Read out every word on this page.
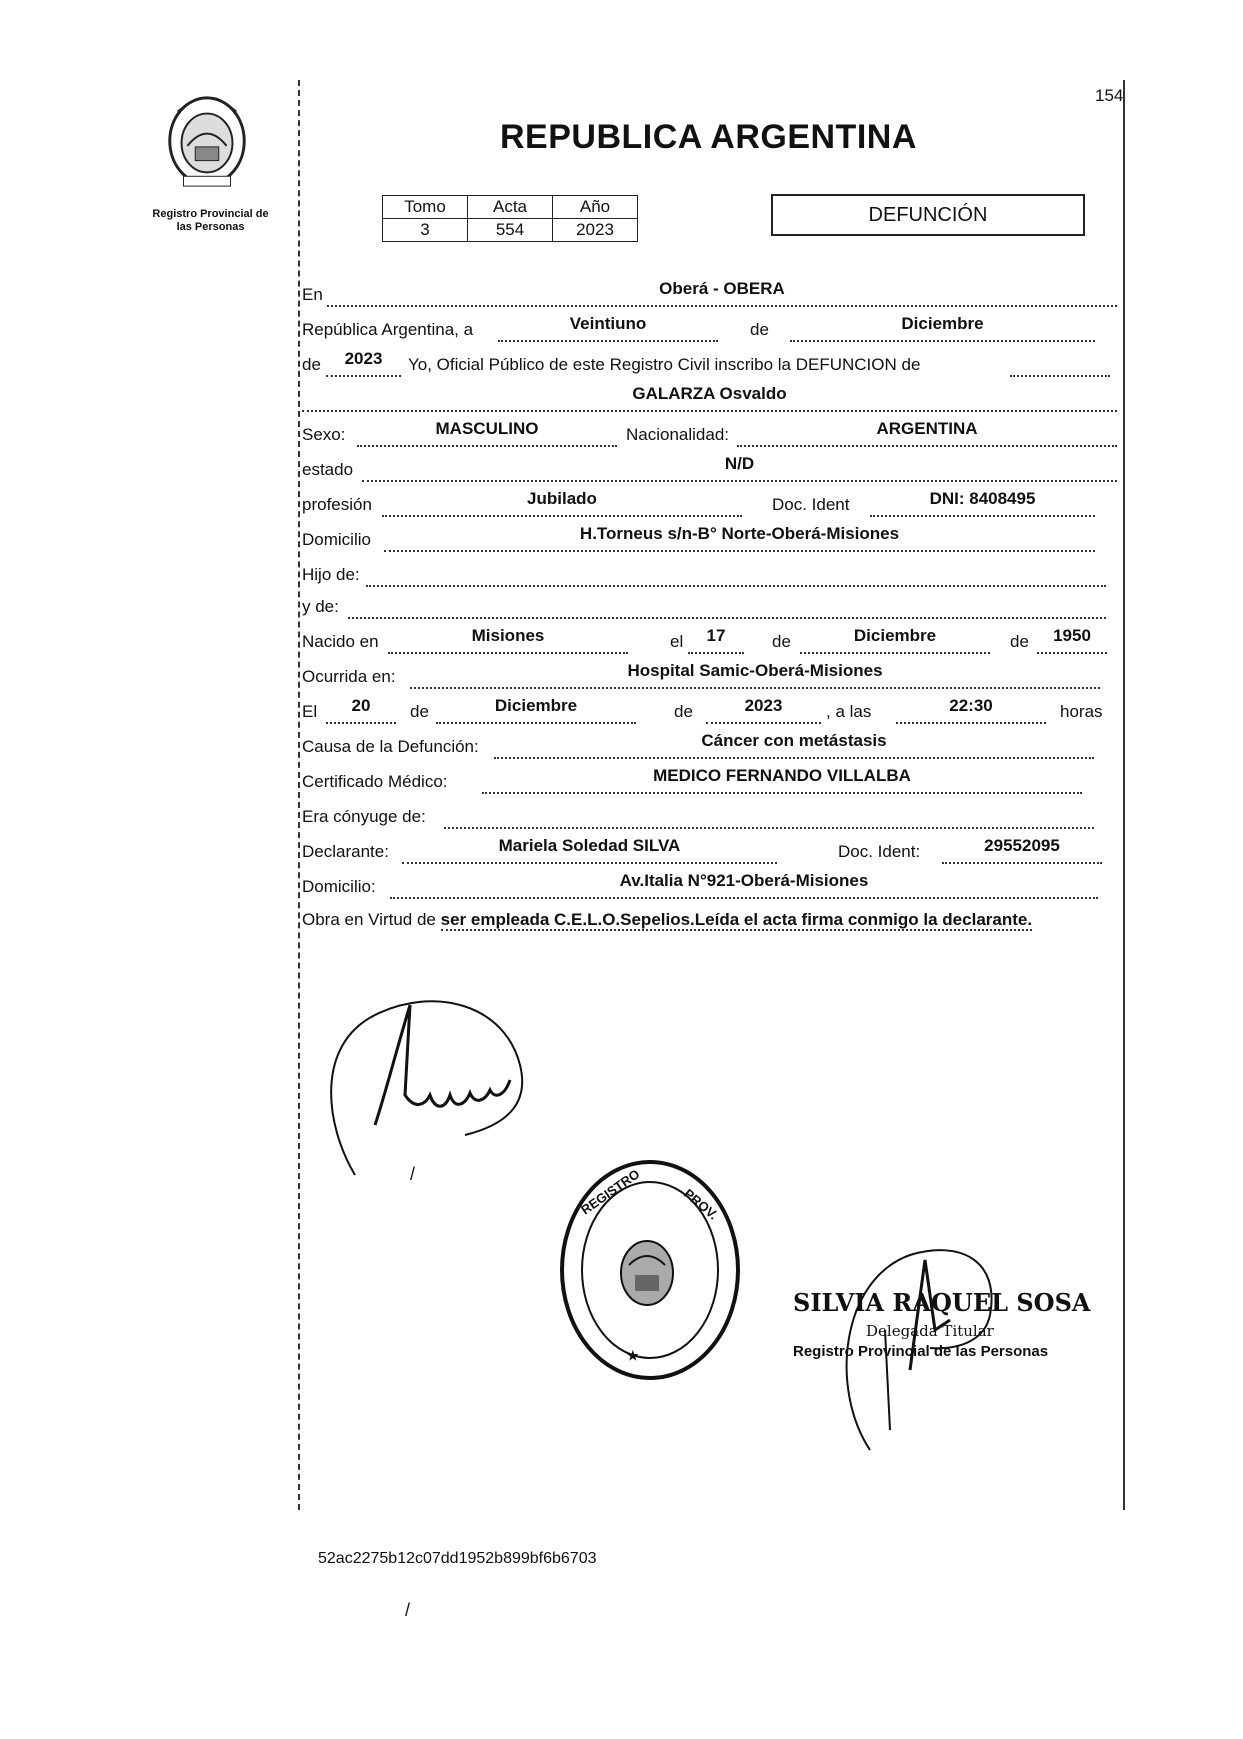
Registro Provincial de
las Personas
154
REPUBLICA ARGENTINA
Tomo	Acta	Año
3	554	2023
DEFUNCIÓN
En	Oberá - OBERA
República Argentina, a	Veintiuno	de	Diciembre
de	2023	Yo, Oficial Público de este Registro Civil inscribo la DEFUNCION de
GALARZA Osvaldo
Sexo:	MASCULINO	Nacionalidad:	ARGENTINA
estado	N/D
profesión	Jubilado	Doc. Ident	DNI: 8408495
Domicilio	H.Torneus s/n-B° Norte-Oberá-Misiones
Hijo de:
y de:
Nacido en	Misiones	el	17	de	Diciembre	de	1950
Ocurrida en:	Hospital Samic-Oberá-Misiones
El	20	de	Diciembre	de	2023	, a las	22:30	horas
Causa de la Defunción:	Cáncer con metástasis
Certificado Médico:	MEDICO FERNANDO VILLALBA
Era cónyuge de:
Declarante:	Mariela Soledad SILVA	Doc. Ident:	29552095
Domicilio:	Av.Italia N°921-Oberá-Misiones
Obra en Virtud de ser empleada C.E.L.O.Sepelios.Leída el acta firma conmigo la declarante.
/	REGISTRO	PROV.
★
SILVIA RAQUEL SOSA
Delegada Titular
Registro Provincial de las Personas
52ac2275b12c07dd1952b899bf6b6703
/
